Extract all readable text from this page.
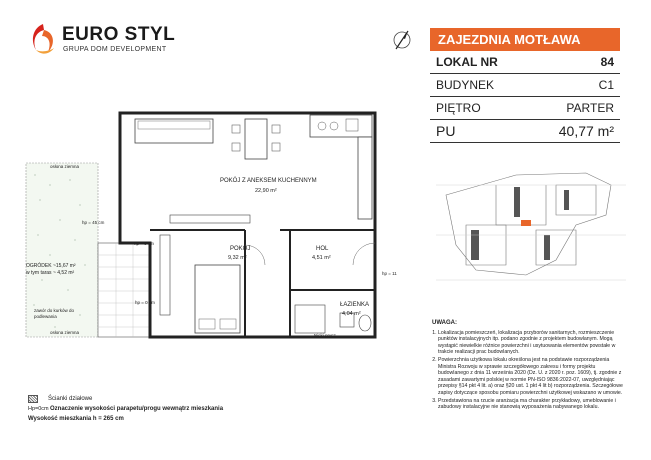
EURO STYL
GRUPA DOM DEVELOPMENT
ZAJEZDNIA MOTŁAWA
LOKAL NR	84
BUDYNEK	C1
PIĘTRO	PARTER
PU	40,77 m²
POKÓJ Z ANEKSEM KUCHENNYM
22,90 m²
POKÓJ
9,32 m²
HOL
4,51 m²
ŁAZIENKA
4,04 m²
osłona ziemna
osłona ziemna
OGRÓDEK ~15,67 m²
w tym taras ~ 4,52 m²
zawór do kurków do podlewania
hp = 45 cm
hp = 0 cm
hp = 0 cm
hp = 11
Niski prysz
UWAGA:
1. Lokalizacja pomieszczeń, lokalizacja przyborów sanitarnych, rozmieszczenie punktów instalacyjnych itp. podano zgodnie z projektem budowlanym. Mogą wystąpić niewielkie różnice powierzchni i usytuowania elementów powstałe w trakcie realizacji prac budowlanych.
2. Powierzchnia użytkowa lokalu określona jest na podstawie rozporządzenia Ministra Rozwoju w sprawie szczegółowego zakresu i formy projektu budowlanego z dnia 11 września 2020 (Dz. U. z 2020 r. poz. 1609), tj. zgodnie z zasadami zawartymi polskiej w normie PN-ISO 9836:2022-07, uwzględniając przepisy §14 pkt 4 lit. a) oraz §20 ust. 1 pkt 4 lit b) rozporządzenia. Szczegółowe zapisy dotyczące sposobu pomiaru powierzchni użytkowej wskazano w umowie.
3. Przedstawiona na rzucie aranżacja ma charakter przykładowy, umeblowanie i zabudowy instalacyjne nie stanowią wyposażenia nabywanego lokalu.
Ścianki działowe
Hp=0cm Oznaczenie wysokości parapetu/progu wewnątrz mieszkania
Wysokość mieszkania h = 265 cm
